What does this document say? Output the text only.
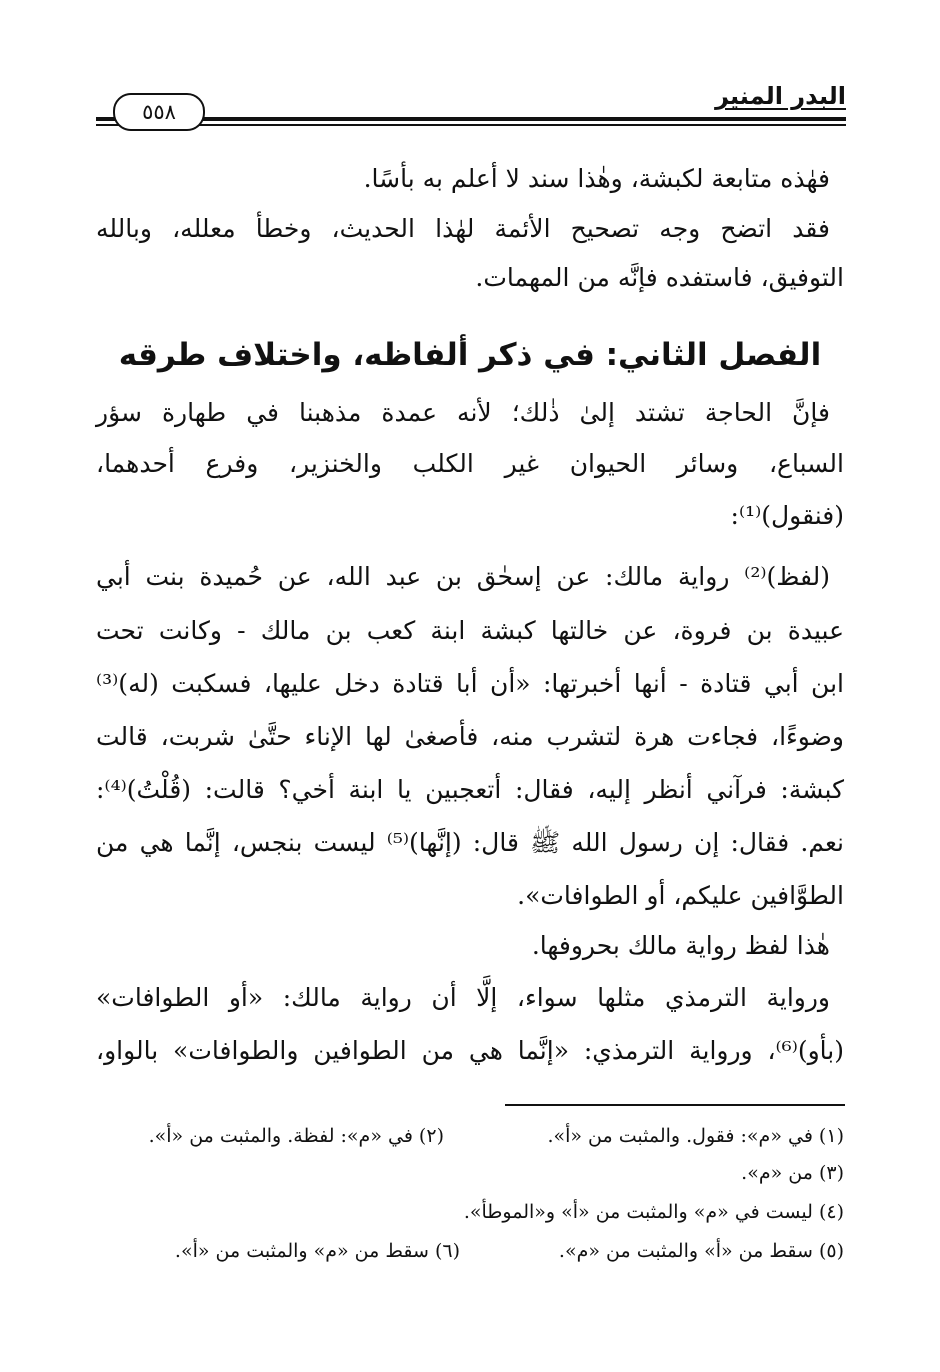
البدر المنير
٥٥٨
فهٰذه متابعة لكبشة، وهٰذا سند لا أعلم به بأسًا.
فقد اتضح وجه تصحيح الأئمة لهٰذا الحديث، وخطأ معلله، وبالله
التوفيق، فاستفده فإنَّه من المهمات.
الفصل الثاني: في ذكر ألفاظه، واختلاف طرقه
فإنَّ الحاجة تشتد إلىٰ ذٰلك؛ لأنه عمدة مذهبنا في طهارة سؤر
السباع، وسائر الحيوان غير الكلب والخنزير، وفرع أحدهما،
(فنقول)⁽¹⁾:
(لفظ)⁽²⁾ رواية مالك: عن إسحٰق بن عبد الله، عن حُميدة بنت أبي
عبيدة بن فروة، عن خالتها كبشة ابنة كعب بن مالك - وكانت تحت
ابن أبي قتادة - أنها أخبرتها: «أن أبا قتادة دخل عليها، فسكبت (له)⁽³⁾
وضوءًا، فجاءت هرة لتشرب منه، فأصغىٰ لها الإناء حتَّىٰ شربت، قالت
كبشة: فرآني أنظر إليه، فقال: أتعجبين يا ابنة أخي؟ قالت: (قُلْتُ)⁽⁴⁾:
نعم. فقال: إن رسول الله ﷺ قال: (إنَّها)⁽⁵⁾ ليست بنجس، إنَّما هي من
الطوَّافين عليكم، أو الطوافات».
هٰذا لفظ رواية مالك بحروفها.
ورواية الترمذي مثلها سواء، إلَّا أن رواية مالك: «أو الطوافات»
(بأو)⁽⁶⁾، ورواية الترمذي: «إنَّما هي من الطوافين والطوافات» بالواو،
(١) في «م»: فقول. والمثبت من «أ».
(٢) في «م»: لفظة. والمثبت من «أ».
(٣) من «م».
(٤) ليست في «م» والمثبت من «أ» و«الموطأ».
(٥) سقط من «أ» والمثبت من «م».
(٦) سقط من «م» والمثبت من «أ».
